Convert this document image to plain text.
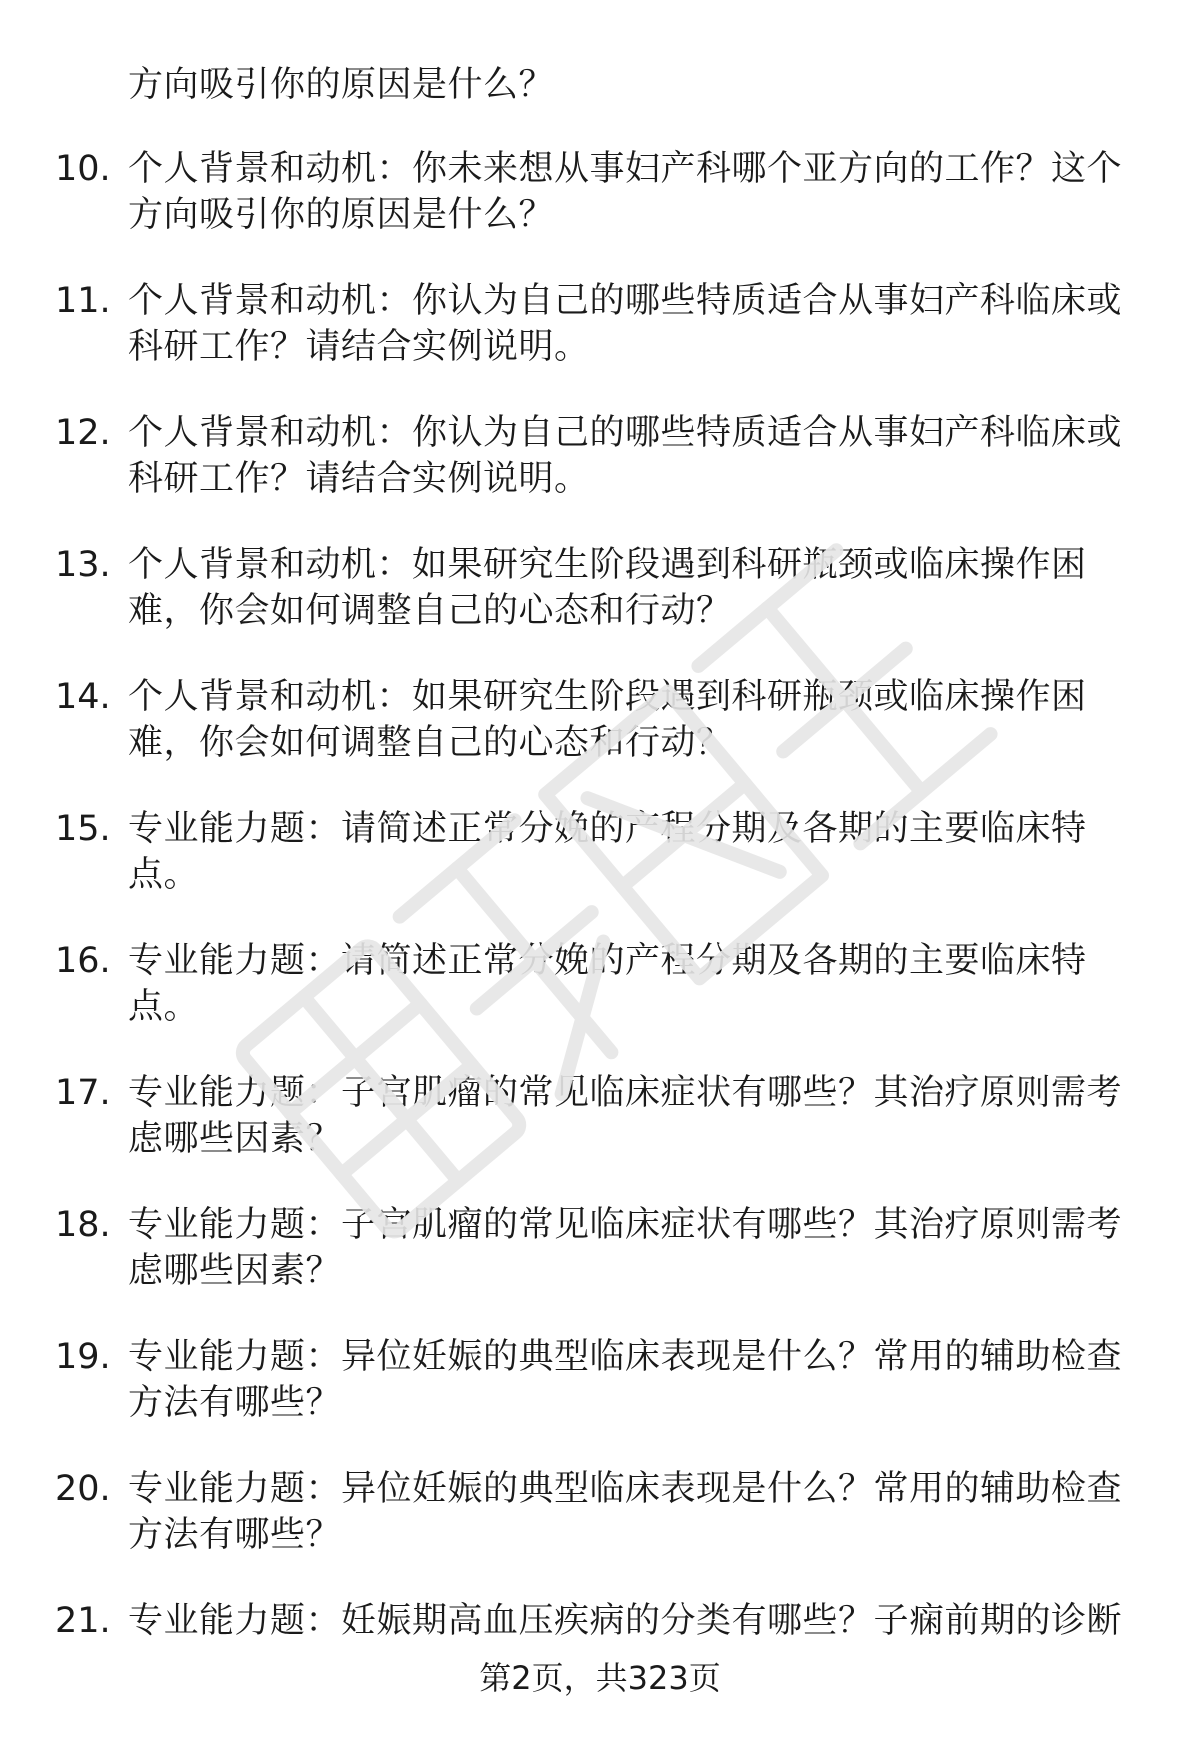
方向吸引你的原因是什么？
10. 个人背景和动机：你未来想从事妇产科哪个亚方向的工作？这个方向吸引你的原因是什么？
11. 个人背景和动机：你认为自己的哪些特质适合从事妇产科临床或科研工作？请结合实例说明。
12. 个人背景和动机：你认为自己的哪些特质适合从事妇产科临床或科研工作？请结合实例说明。
13. 个人背景和动机：如果研究生阶段遇到科研瓶颈或临床操作困难，你会如何调整自己的心态和行动？
14. 个人背景和动机：如果研究生阶段遇到科研瓶颈或临床操作困难，你会如何调整自己的心态和行动？
15. 专业能力题：请简述正常分娩的产程分期及各期的主要临床特点。
16. 专业能力题：请简述正常分娩的产程分期及各期的主要临床特点。
17. 专业能力题：子宫肌瘤的常见临床症状有哪些？其治疗原则需考虑哪些因素？
18. 专业能力题：子宫肌瘤的常见临床症状有哪些？其治疗原则需考虑哪些因素？
19. 专业能力题：异位妊娠的典型临床表现是什么？常用的辅助检查方法有哪些？
20. 专业能力题：异位妊娠的典型临床表现是什么？常用的辅助检查方法有哪些？
21. 专业能力题：妊娠期高血压疾病的分类有哪些？子痫前期的诊断
第2页，共323页
